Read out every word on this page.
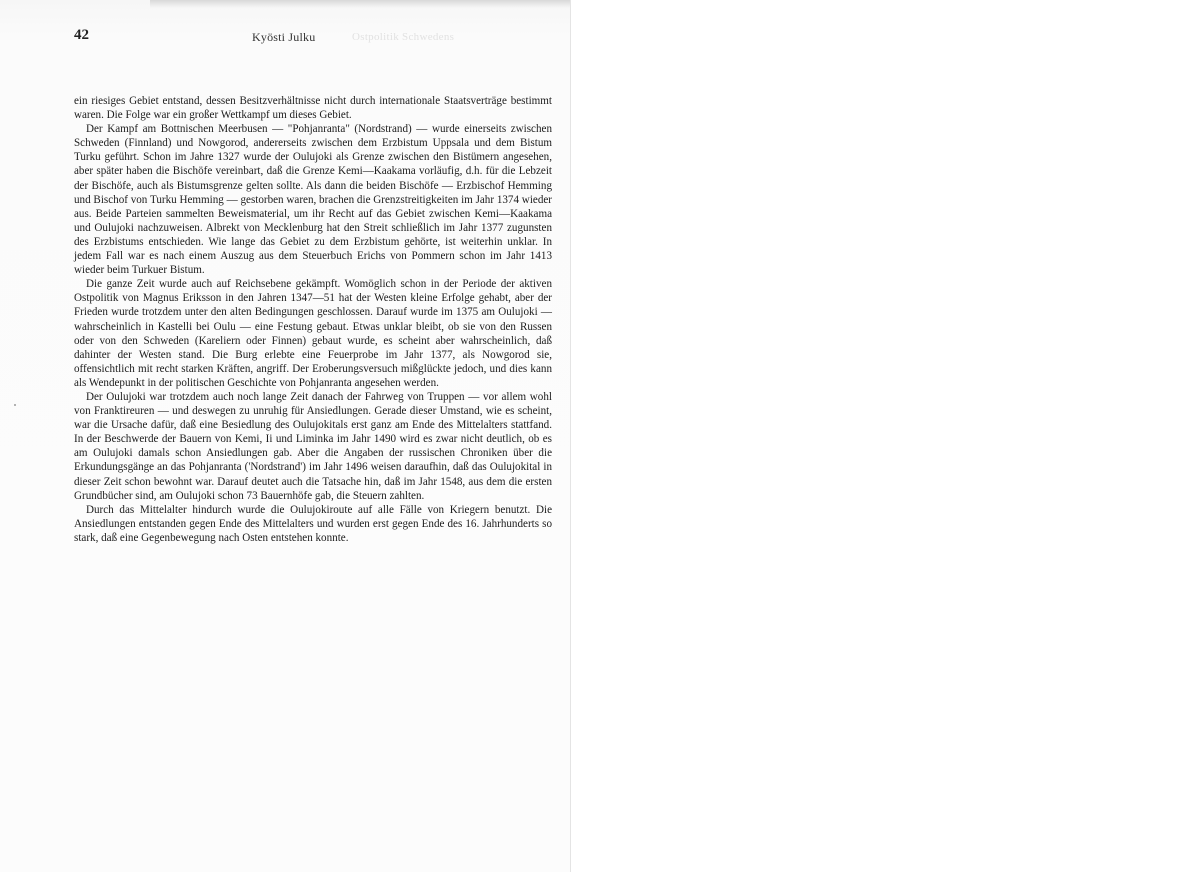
42	Kyösti Julku	Ostpolitik Schwedens

ein riesiges Gebiet entstand, dessen Besitzverhältnisse nicht durch internationale Staatsverträge bestimmt waren. Die Folge war ein großer Wettkampf um dieses Gebiet.

Der Kampf am Bottnischen Meerbusen — "Pohjanranta" (Nordstrand) — wurde einerseits zwischen Schweden (Finnland) und Nowgorod, andererseits zwischen dem Erzbistum Uppsala und dem Bistum Turku geführt. Schon im Jahre 1327 wurde der Oulujoki als Grenze zwischen den Bistümern angesehen, aber später haben die Bischöfe vereinbart, daß die Grenze Kemi—Kaakama vorläufig, d.h. für die Lebzeit der Bischöfe, auch als Bistumsgrenze gelten sollte. Als dann die beiden Bischöfe — Erzbischof Hemming und Bischof von Turku Hemming — gestorben waren, brachen die Grenzstreitigkeiten im Jahr 1374 wieder aus. Beide Parteien sammelten Beweismaterial, um ihr Recht auf das Gebiet zwischen Kemi—Kaakama und Oulujoki nachzuweisen. Albrekt von Mecklenburg hat den Streit schließlich im Jahr 1377 zugunsten des Erzbistums entschieden. Wie lange das Gebiet zu dem Erzbistum gehörte, ist weiterhin unklar. In jedem Fall war es nach einem Auszug aus dem Steuerbuch Erichs von Pommern schon im Jahr 1413 wieder beim Turkuer Bistum.

Die ganze Zeit wurde auch auf Reichsebene gekämpft. Womöglich schon in der Periode der aktiven Ostpolitik von Magnus Eriksson in den Jahren 1347—51 hat der Westen kleine Erfolge gehabt, aber der Frieden wurde trotzdem unter den alten Bedingungen geschlossen. Darauf wurde im 1375 am Oulujoki — wahrscheinlich in Kastelli bei Oulu — eine Festung gebaut. Etwas unklar bleibt, ob sie von den Russen oder von den Schweden (Kareliern oder Finnen) gebaut wurde, es scheint aber wahrscheinlich, daß dahinter der Westen stand. Die Burg erlebte eine Feuerprobe im Jahr 1377, als Nowgorod sie, offensichtlich mit recht starken Kräften, angriff. Der Eroberungsversuch mißglückte jedoch, und dies kann als Wendepunkt in der politischen Geschichte von Pohjanranta angesehen werden.

Der Oulujoki war trotzdem auch noch lange Zeit danach der Fahrweg von Truppen — vor allem wohl von Franktireuren — und deswegen zu unruhig für Ansiedlungen. Gerade dieser Umstand, wie es scheint, war die Ursache dafür, daß eine Besiedlung des Oulujokitals erst ganz am Ende des Mittelalters stattfand. In der Beschwerde der Bauern von Kemi, Ii und Liminka im Jahr 1490 wird es zwar nicht deutlich, ob es am Oulujoki damals schon Ansiedlungen gab. Aber die Angaben der russischen Chroniken über die Erkundungsgänge an das Pohjanranta ('Nordstrand') im Jahr 1496 weisen daraufhin, daß das Oulujokital in dieser Zeit schon bewohnt war. Darauf deutet auch die Tatsache hin, daß im Jahr 1548, aus dem die ersten Grundbücher sind, am Oulujoki schon 73 Bauernhöfe gab, die Steuern zahlten.

Durch das Mittelalter hindurch wurde die Oulujokiroute auf alle Fälle von Kriegern benutzt. Die Ansiedlungen entstanden gegen Ende des Mittelalters und wurden erst gegen Ende des 16. Jahrhunderts so stark, daß eine Gegenbewegung nach Osten entstehen konnte.
